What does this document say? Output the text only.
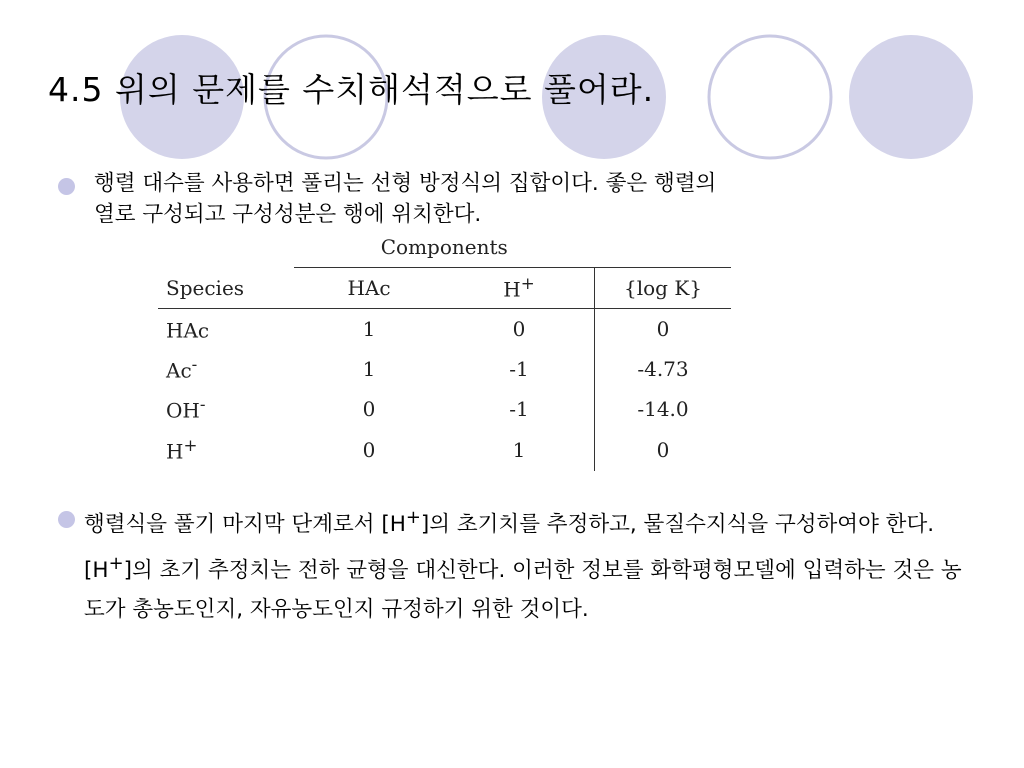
4.5 위의 문제를 수치해석적으로 풀어라.

행렬 대수를 사용하면 풀리는 선형 방정식의 집합이다. 좋은 행렬의
열로 구성되고 구성성분은 행에 위치한다.

	Components		
Species	HAc	H+	{log K}

HAc	1	0	0
Ac-	1	-1	-4.73
OH-	0	-1	-14.0
H+	0	1	0

행렬식을 풀기 마지막 단계로서 [H+]의 초기치를 추정하고, 물질수지식을 구성하여야 한다. [H+]의 초기 추정치는 전하 균형을 대신한다. 이러한 정보를 화학평형모델에 입력하는 것은 농도가 총농도인지, 자유농도인지 규정하기 위한 것이다.
